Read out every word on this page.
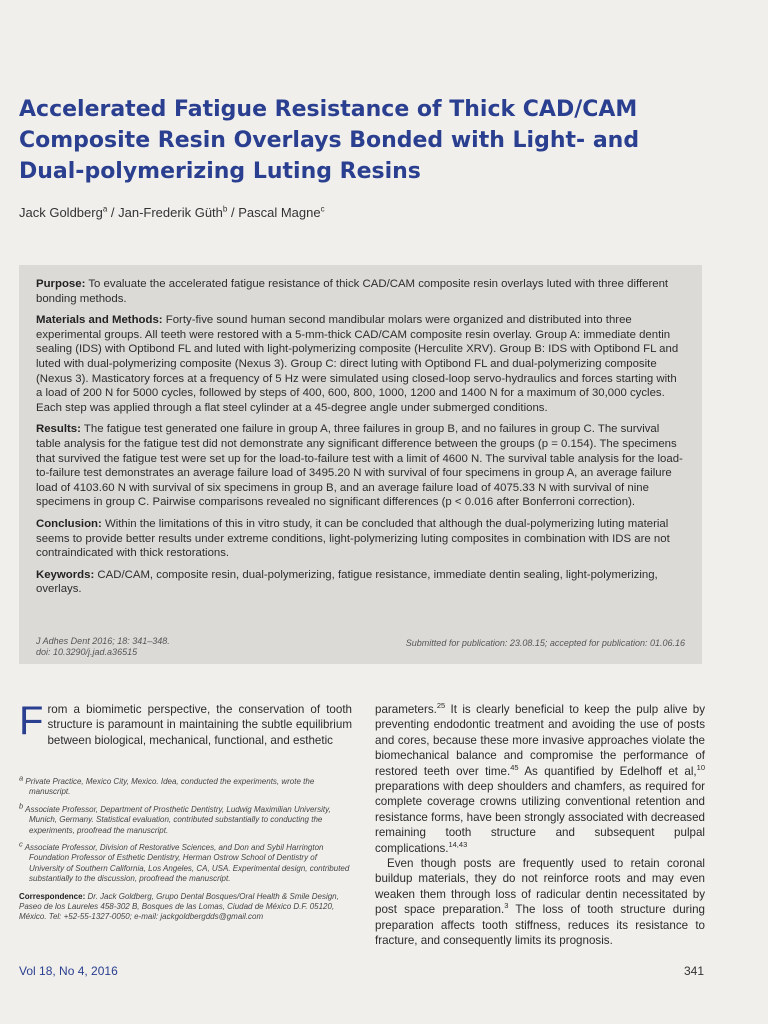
Accelerated Fatigue Resistance of Thick CAD/CAM
Composite Resin Overlays Bonded with Light- and
Dual-polymerizing Luting Resins
Jack Goldberg$^a$ / Jan-Frederik Güth$^b$ / Pascal Magne$^c$

Purpose: To evaluate the accelerated fatigue resistance of thick CAD/CAM composite resin overlays luted with three different bonding methods.

Materials and Methods: Forty-five sound human second mandibular molars were organized and distributed into three experimental groups. All teeth were restored with a 5-mm-thick CAD/CAM composite resin overlay. Group A: immediate dentin sealing (IDS) with Optibond FL and luted with light-polymerizing composite (Herculite XRV). Group B: IDS with Optibond FL and luted with dual-polymerizing composite (Nexus 3). Group C: direct luting with Optibond FL and dual-polymerizing composite (Nexus 3). Masticatory forces at a frequency of 5 Hz were simulated using closed-loop servo-hydraulics and forces starting with a load of 200 N for 5000 cycles, followed by steps of 400, 600, 800, 1000, 1200 and 1400 N for a maximum of 30,000 cycles. Each step was applied through a flat steel cylinder at a 45-degree angle under submerged conditions.

Results: The fatigue test generated one failure in group A, three failures in group B, and no failures in group C. The survival table analysis for the fatigue test did not demonstrate any significant difference between the groups (p = 0.154). The specimens that survived the fatigue test were set up for the load-to-failure test with a limit of 4600 N. The survival table analysis for the load-to-failure test demonstrates an average failure load of 3495.20 N with survival of four specimens in group A, an average failure load of 4103.60 N with survival of six specimens in group B, and an average failure load of 4075.33 N with survival of nine specimens in group C. Pairwise comparisons revealed no significant differences (p < 0.016 after Bonferroni correction).

Conclusion: Within the limitations of this in vitro study, it can be concluded that although the dual-polymerizing luting material seems to provide better results under extreme conditions, light-polymerizing luting composites in combination with IDS are not contraindicated with thick restorations.

Keywords: CAD/CAM, composite resin, dual-polymerizing, fatigue resistance, immediate dentin sealing, light-polymerizing, overlays.

J Adhes Dent 2016; 18: 341–348.
doi: 10.3290/j.jad.a36515
Submitted for publication: 23.08.15; accepted for publication: 01.06.16

From a biomimetic perspective, the conservation of tooth structure is paramount in maintaining the subtle equilibrium between biological, mechanical, functional, and esthetic

$^a$ Private Practice, Mexico City, Mexico. Idea, conducted the experiments, wrote the manuscript.

$^b$ Associate Professor, Department of Prosthetic Dentistry, Ludwig Maximilian University, Munich, Germany. Statistical evaluation, contributed substantially to conducting the experiments, proofread the manuscript.

$^c$ Associate Professor, Division of Restorative Sciences, and Don and Sybil Harrington Foundation Professor of Esthetic Dentistry, Herman Ostrow School of Dentistry of University of Southern California, Los Angeles, CA, USA. Experimental design, contributed substantially to the discussion, proofread the manuscript.

Correspondence: Dr. Jack Goldberg, Grupo Dental Bosques/Oral Health & Smile Design, Paseo de los Laureles 458-302 B, Bosques de las Lomas, Ciudad de México D.F. 05120, México. Tel: +52-55-1327-0050; e-mail: jackgoldbergdds@gmail.com

parameters.$^{25}$ It is clearly beneficial to keep the pulp alive by preventing endodontic treatment and avoiding the use of posts and cores, because these more invasive approaches violate the biomechanical balance and compromise the performance of restored teeth over time.$^{45}$ As quantified by Edelhoff et al,$^{10}$ preparations with deep shoulders and chamfers, as required for complete coverage crowns utilizing conventional retention and resistance forms, have been strongly associated with decreased remaining tooth structure and subsequent pulpal complications.$^{14,43}$

Even though posts are frequently used to retain coronal buildup materials, they do not reinforce roots and may even weaken them through loss of radicular dentin necessitated by post space preparation.$^3$ The loss of tooth structure during preparation affects tooth stiffness, reduces its resistance to fracture, and consequently limits its prognosis.

Vol 18, No 4, 2016	341
